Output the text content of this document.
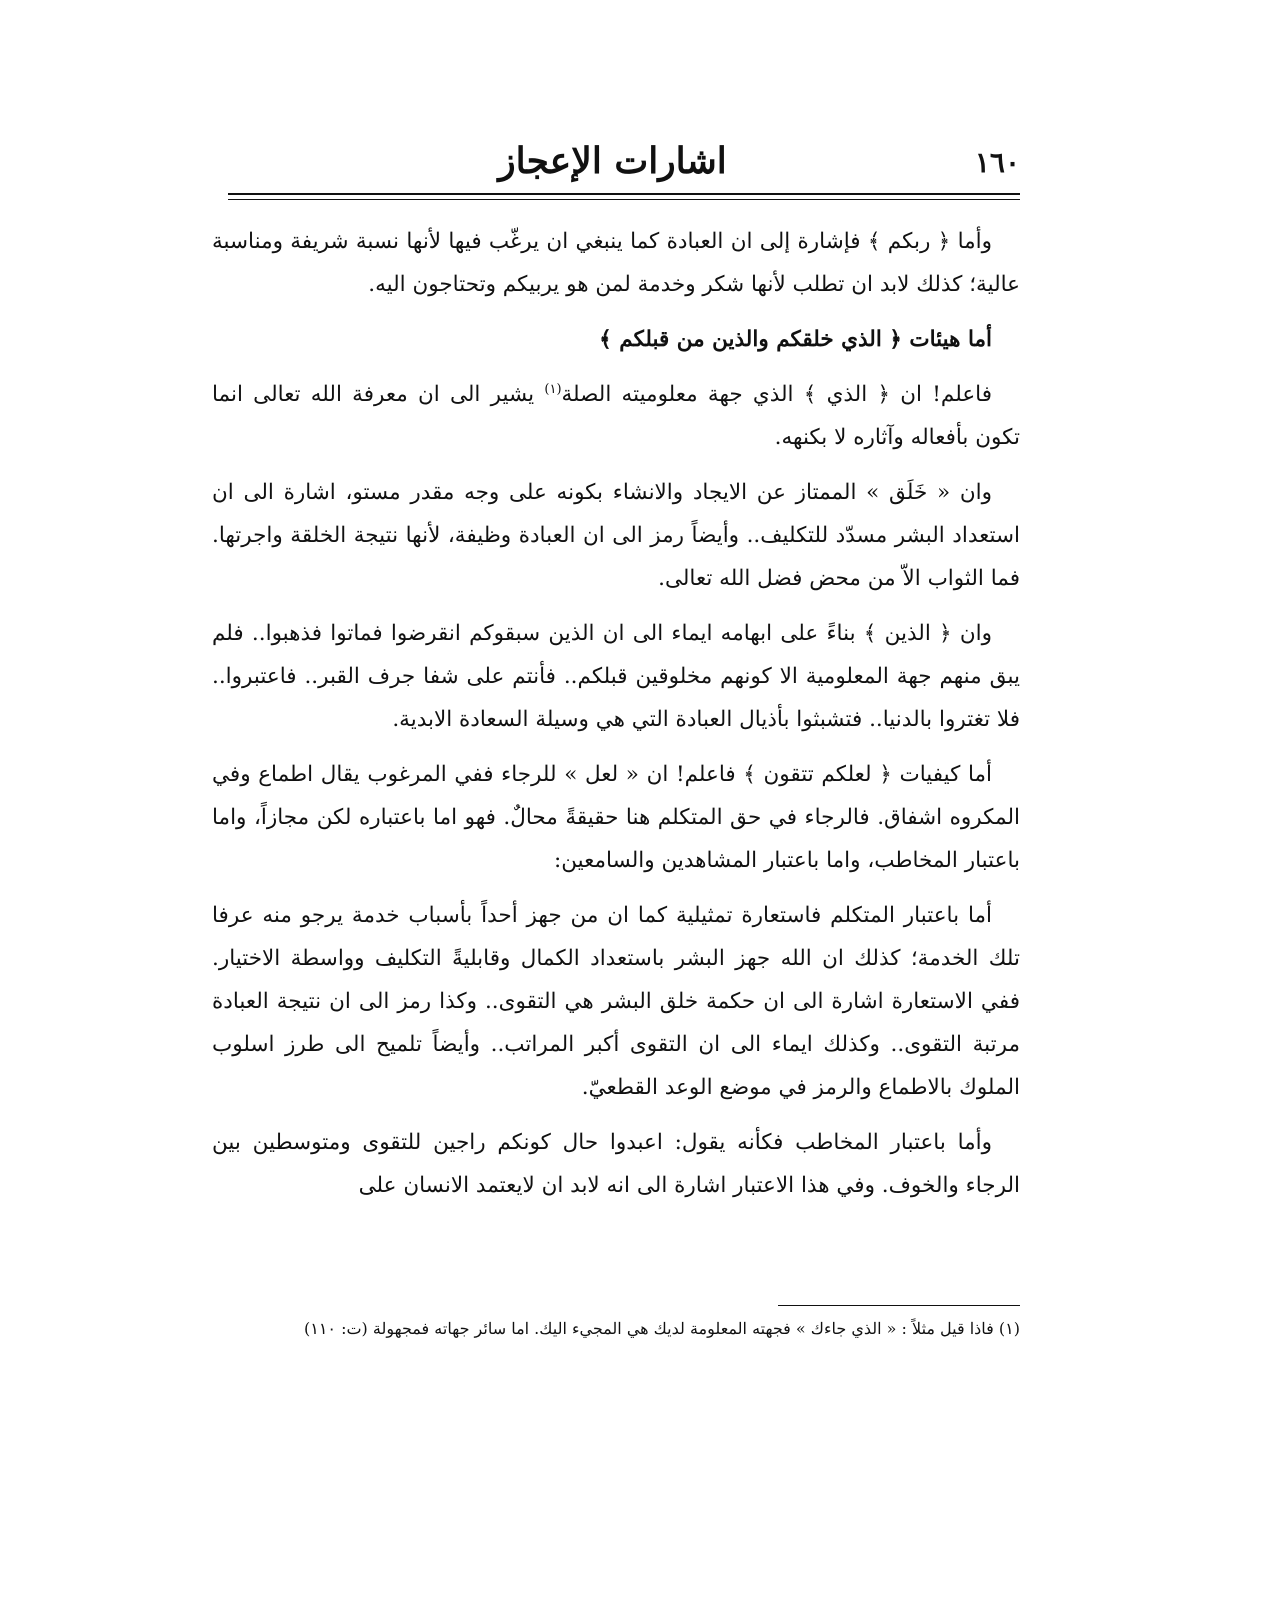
١٦٠
اشارات الإعجاز

وأما ﴿ ربكم ﴾ فإشارة إلى ان العبادة كما ينبغي ان يرغّب فيها لأنها نسبة شريفة ومناسبة عالية؛ كذلك لابد ان تطلب لأنها شكر وخدمة لمن هو يربيكم وتحتاجون اليه.

أما هيئات ﴿ الذي خلقكم والذين من قبلكم ﴾

فاعلم! ان ﴿ الذي ﴾ الذي جهة معلوميته الصلة$^{(١)}$ يشير الى ان معرفة الله تعالى انما تكون بأفعاله وآثاره لا بكنهه.

وان « خَلَق » الممتاز عن الايجاد والانشاء بكونه على وجه مقدر مستو، اشارة الى ان استعداد البشر مسدّد للتكليف.. وأيضاً رمز الى ان العبادة وظيفة، لأنها نتيجة الخلقة واجرتها. فما الثواب الاّ من محض فضل الله تعالى.

وان ﴿ الذين ﴾ بناءً على ابهامه ايماء الى ان الذين سبقوكم انقرضوا فماتوا فذهبوا.. فلم يبق منهم جهة المعلومية الا كونهم مخلوقين قبلكم.. فأنتم على شفا جرف القبر.. فاعتبروا.. فلا تغتروا بالدنيا.. فتشبثوا بأذيال العبادة التي هي وسيلة السعادة الابدية.

أما كيفيات ﴿ لعلكم تتقون ﴾ فاعلم! ان « لعل » للرجاء ففي المرغوب يقال اطماع وفي المكروه اشفاق. فالرجاء في حق المتكلم هنا حقيقةً محالٌ. فهو اما باعتباره لكن مجازاً، واما باعتبار المخاطب، واما باعتبار المشاهدين والسامعين:

أما باعتبار المتكلم فاستعارة تمثيلية كما ان من جهز أحداً بأسباب خدمة يرجو منه عرفا تلك الخدمة؛ كذلك ان الله جهز البشر باستعداد الكمال وقابليةً التكليف وواسطة الاختيار. ففي الاستعارة اشارة الى ان حكمة خلق البشر هي التقوى.. وكذا رمز الى ان نتيجة العبادة مرتبة التقوى.. وكذلك ايماء الى ان التقوى أكبر المراتب.. وأيضاً تلميح الى طرز اسلوب الملوك بالاطماع والرمز في موضع الوعد القطعيّ.

وأما باعتبار المخاطب فكأنه يقول: اعبدوا حال كونكم راجين للتقوى ومتوسطين بين الرجاء والخوف. وفي هذا الاعتبار اشارة الى انه لابد ان لايعتمد الانسان على

(١) فاذا قيل مثلاً : « الذي جاءك » فجهته المعلومة لديك هي المجيء اليك. اما سائر جهاته فمجهولة (ت: ١١٠)
